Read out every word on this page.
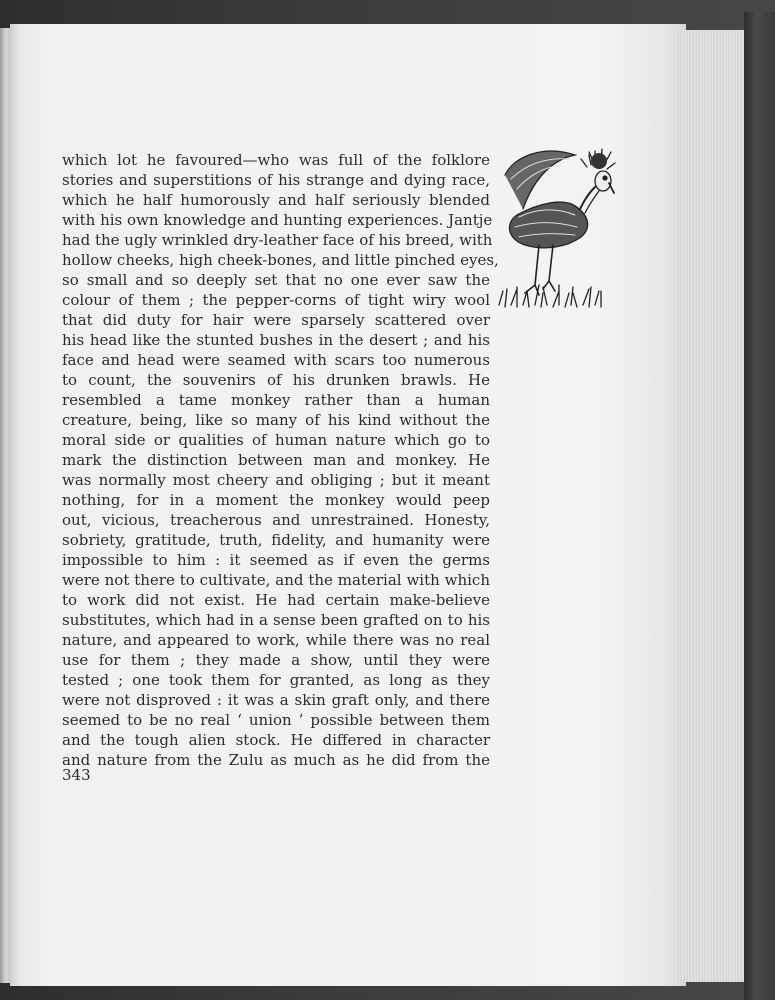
which lot he favoured—who was full of the folklore
stories and superstitions of his strange and dying race,
which he half humorously and half seriously blended
with his own knowledge and hunting experiences. Jantje
had the ugly wrinkled dry-leather face of his breed, with
hollow cheeks, high cheek-bones, and little pinched eyes,
so small and so deeply set that no one ever saw the
colour of them ; the pepper-corns of tight wiry wool
that did duty for hair were sparsely scattered over
his head like the stunted bushes in the desert ; and his
face and head were seamed with scars too numerous
to count, the souvenirs of his drunken brawls. He
resembled a tame monkey rather than a human
creature, being, like so many of his kind without the
moral side or qualities of human nature which go to
mark the distinction between man and monkey. He
was normally most cheery and obliging ; but it meant
nothing, for in a moment the monkey would peep
out, vicious, treacherous and unrestrained. Honesty,
sobriety, gratitude, truth, fidelity, and humanity were
impossible to him : it seemed as if even the germs
were not there to cultivate, and the material with which
to work did not exist. He had certain make-believe
substitutes, which had in a sense been grafted on to his
nature, and appeared to work, while there was no real
use for them ; they made a show, until they were
tested ; one took them for granted, as long as they
were not disproved : it was a skin graft only, and there
seemed to be no real ‘ union ’ possible between them
and the tough alien stock. He differed in character
and nature from the Zulu as much as he did from the
343
